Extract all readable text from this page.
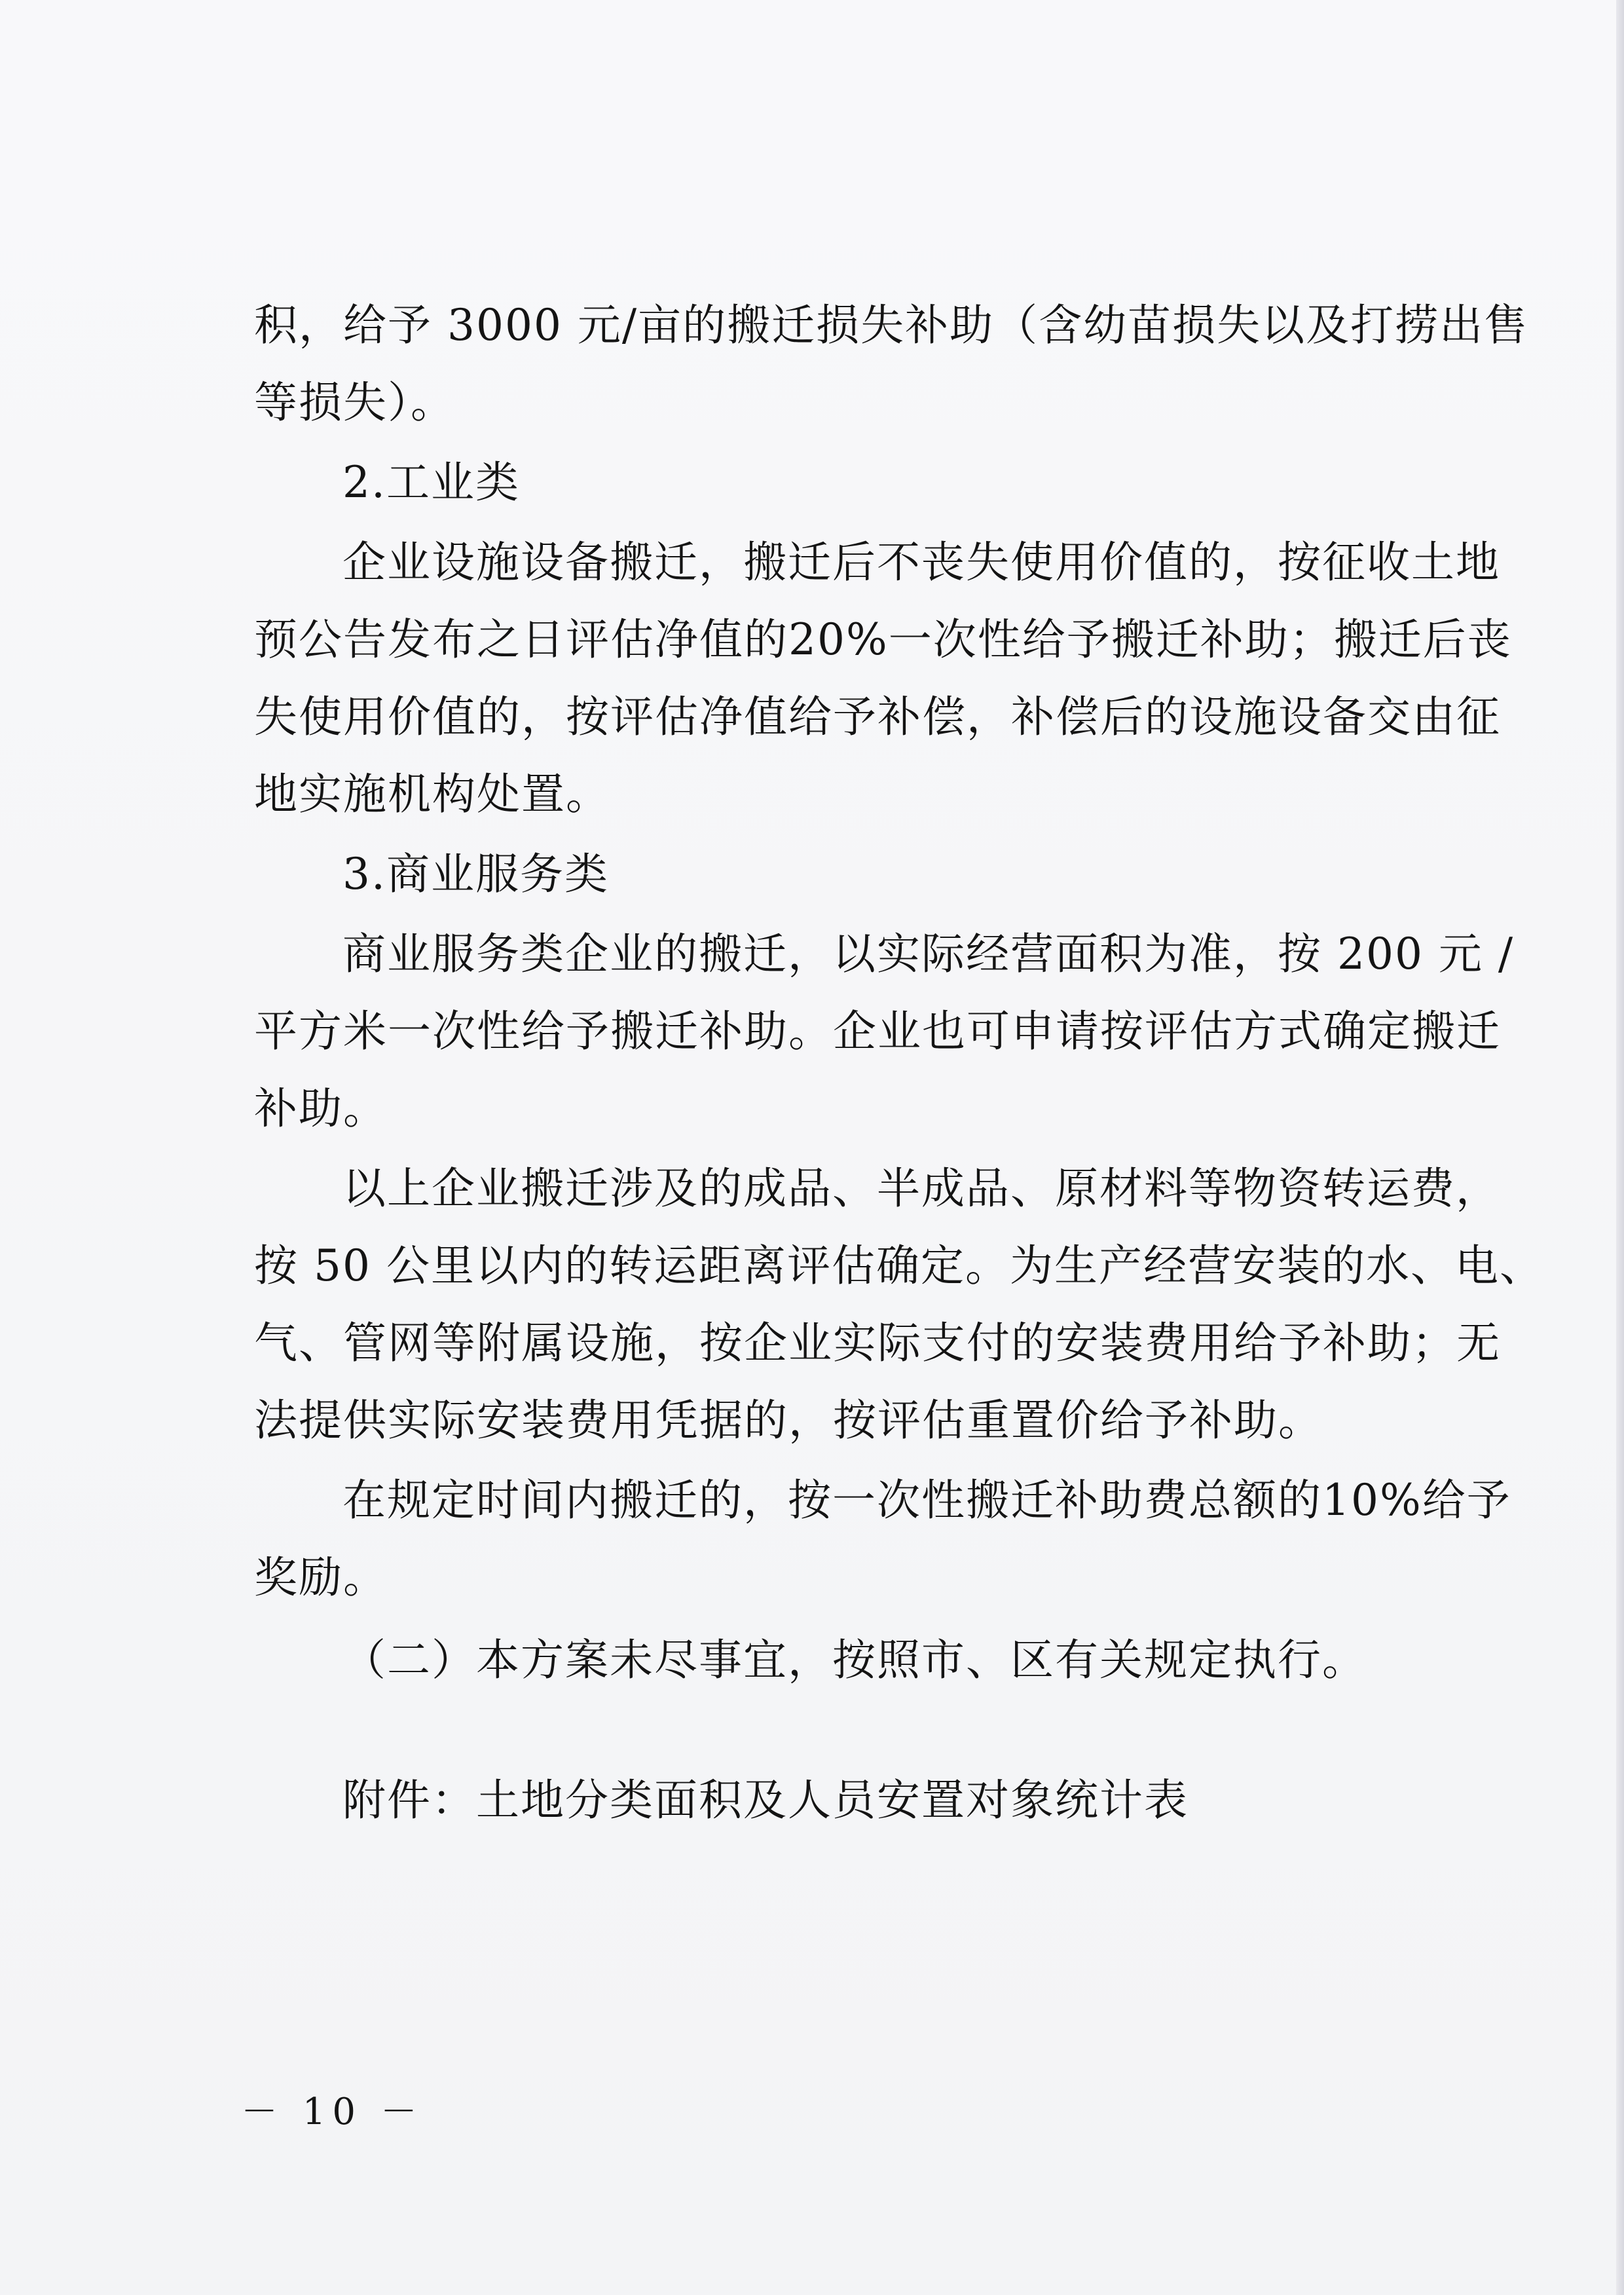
积，给予 3000 元/亩的搬迁损失补助（含幼苗损失以及打捞出售
等损失）。
2.工业类
企业设施设备搬迁，搬迁后不丧失使用价值的，按征收土地
预公告发布之日评估净值的20%一次性给予搬迁补助；搬迁后丧
失使用价值的，按评估净值给予补偿，补偿后的设施设备交由征
地实施机构处置。
3.商业服务类
商业服务类企业的搬迁，以实际经营面积为准，按 200 元 /
平方米一次性给予搬迁补助。企业也可申请按评估方式确定搬迁
补助。
以上企业搬迁涉及的成品、半成品、原材料等物资转运费，
按 50 公里以内的转运距离评估确定。为生产经营安装的水、电、
气、管网等附属设施，按企业实际支付的安装费用给予补助；无
法提供实际安装费用凭据的，按评估重置价给予补助。
在规定时间内搬迁的，按一次性搬迁补助费总额的10%给予
奖励。
（二）本方案未尽事宜，按照市、区有关规定执行。
附件：土地分类面积及人员安置对象统计表
－ 10 －
